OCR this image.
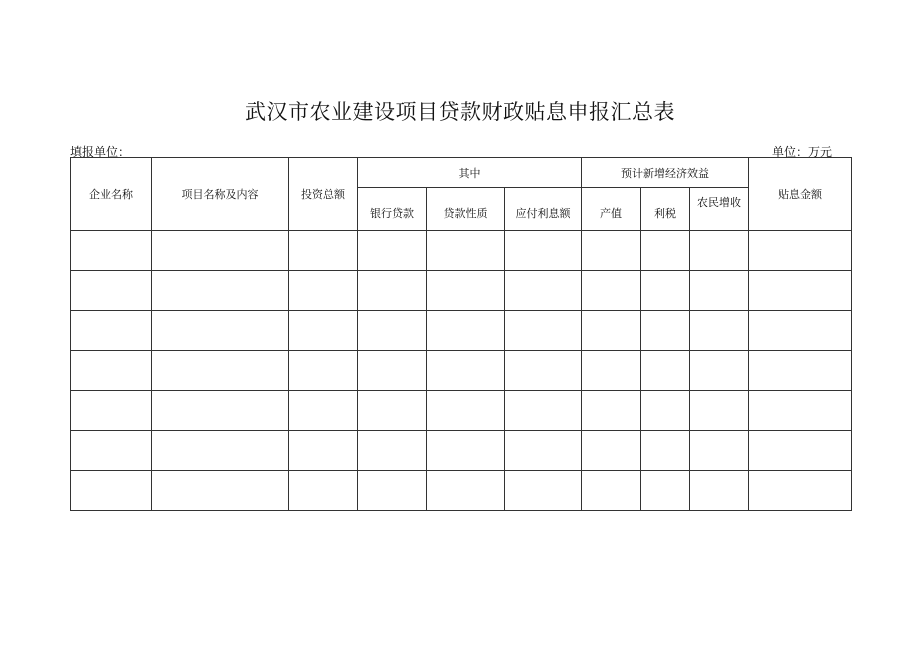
武汉市农业建设项目贷款财政贴息申报汇总表
填报单位：	单位：万元
企业名称	项目名称及内容	投资总额	其中			预计新增经济效益			贴息金额
			银行贷款	贷款性质	应付利息额	产值	利税	农民增收	
